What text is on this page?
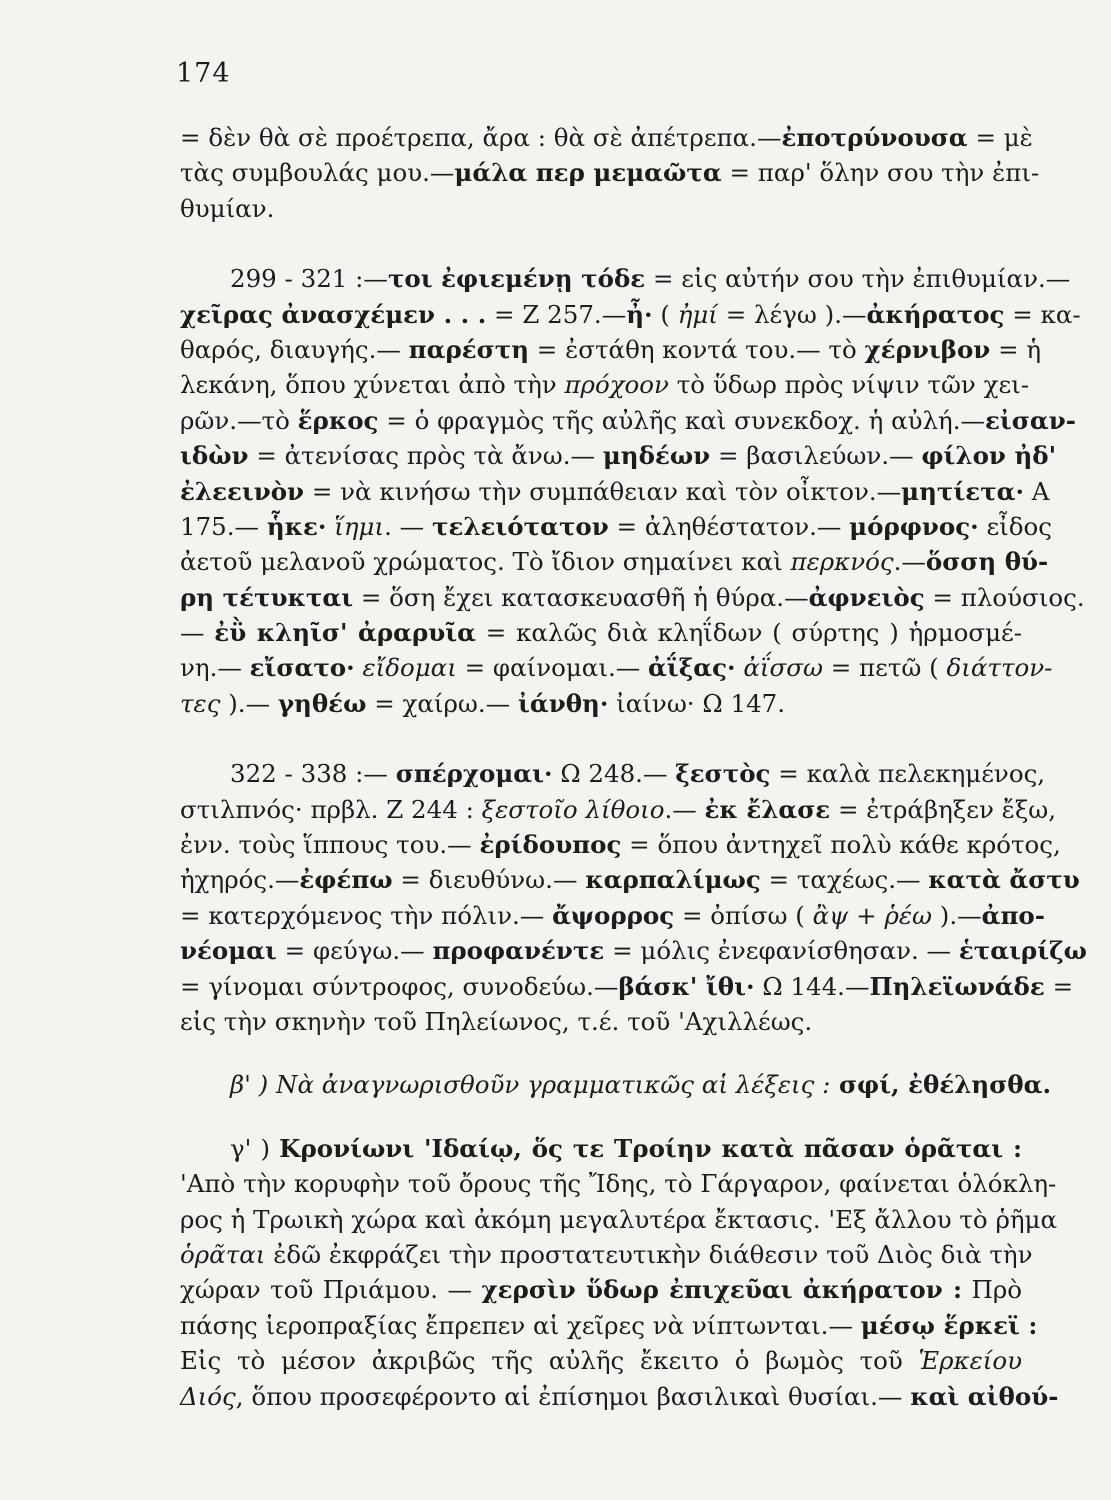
174
= δὲν θὰ σὲ προέτρεπα, ἄρα : θὰ σὲ ἀπέτρεπα.—ἐποτρύνουσα = μὲ
τὰς συμβουλάς μου.—μάλα περ μεμαῶτα = παρ' ὅλην σου τὴν ἐπι-
θυμίαν.
299 - 321 :—τοι ἐφιεμένῃ τόδε = εἰς αὐτήν σου τὴν ἐπιθυμίαν.—
χεῖρας ἀνασχέμεν . . . = Ζ 257.—ἦ· ( ἠμί = λέγω ).—ἀκήρατος = κα-
θαρός, διαυγής.— παρέστη = ἐστάθη κοντά του.— τὸ χέρνιβον = ἡ
λεκάνη, ὅπου χύνεται ἀπὸ τὴν πρόχοον τὸ ὕδωρ πρὸς νίψιν τῶν χει-
ρῶν.—τὸ ἕρκος = ὁ φραγμὸς τῆς αὐλῆς καὶ συνεκδοχ. ἡ αὐλή.—εἰσαν-
ιδὼν = ἀτενίσας πρὸς τὰ ἄνω.— μηδέων = βασιλεύων.— φίλον ἠδ'
ἐλεεινὸν = νὰ κινήσω τὴν συμπάθειαν καὶ τὸν οἶκτον.—μητίετα· Α
175.— ἧκε· ἵημι. — τελειότατον = ἀληθέστατον.— μόρφνος· εἶδος
ἀετοῦ μελανοῦ χρώματος. Τὸ ἴδιον σημαίνει καὶ περκνός.—ὅσση θύ-
ρη τέτυκται = ὅση ἔχει κατασκευασθῆ ἡ θύρα.—ἀφνειὸς = πλούσιος.
— ἐῢ κληῖσ' ἀραρυῖα = καλῶς διὰ κληΐδων ( σύρτης ) ἡρμοσμέ-
νη.— εἴσατο· εἴδομαι = φαίνομαι.— ἀΐξας· ἀΐσσω = πετῶ ( διάττον-
τες ).— γηθέω = χαίρω.— ἰάνθη· ἰαίνω· Ω 147.
322 - 338 :— σπέρχομαι· Ω 248.— ξεστὸς = καλὰ πελεκημένος,
στιλπνός· πρβλ. Ζ 244 : ξεστοῖο λίθοιο.— ἐκ ἔλασε = ἐτράβηξεν ἔξω,
ἐνν. τοὺς ἵππους του.— ἐρίδουπος = ὅπου ἀντηχεῖ πολὺ κάθε κρότος,
ἠχηρός.—ἐφέπω = διευθύνω.— καρπαλίμως = ταχέως.— κατὰ ἄστυ
= κατερχόμενος τὴν πόλιν.— ἄψορρος = ὀπίσω ( ἂψ + ῥέω ).—ἀπο-
νέομαι = φεύγω.— προφανέντε = μόλις ἐνεφανίσθησαν. — ἑταιρίζω
= γίνομαι σύντροφος, συνοδεύω.—βάσκ' ἴθι· Ω 144.—Πηλεϊωνάδε =
εἰς τὴν σκηνὴν τοῦ Πηλείωνος, τ.έ. τοῦ 'Αχιλλέως.
β' ) Νὰ ἀναγνωρισθοῦν γραμματικῶς αἱ λέξεις : σφί, ἐθέλησθα.
γ' ) Κρονίωνι 'Ιδαίῳ, ὅς τε Τροίην κατὰ πᾶσαν ὁρᾶται :
'Απὸ τὴν κορυφὴν τοῦ ὄρους τῆς Ἴδης, τὸ Γάργαρον, φαίνεται ὁλόκλη-
ρος ἡ Τρωικὴ χώρα καὶ ἀκόμη μεγαλυτέρα ἔκτασις. 'Εξ ἄλλου τὸ ῥῆμα
ὁρᾶται ἐδῶ ἐκφράζει τὴν προστατευτικὴν διάθεσιν τοῦ Διὸς διὰ τὴν
χώραν τοῦ Πριάμου. — χερσὶν ὕδωρ ἐπιχεῦαι ἀκήρατον : Πρὸ
πάσης ἱεροπραξίας ἔπρεπεν αἱ χεῖρες νὰ νίπτωνται.— μέσῳ ἕρκεϊ :
Εἰς τὸ μέσον ἀκριβῶς τῆς αὐλῆς ἔκειτο ὁ βωμὸς τοῦ Ἑρκείου
Διός, ὅπου προσεφέροντο αἱ ἐπίσημοι βασιλικαὶ θυσίαι.— καὶ αἰθού-
